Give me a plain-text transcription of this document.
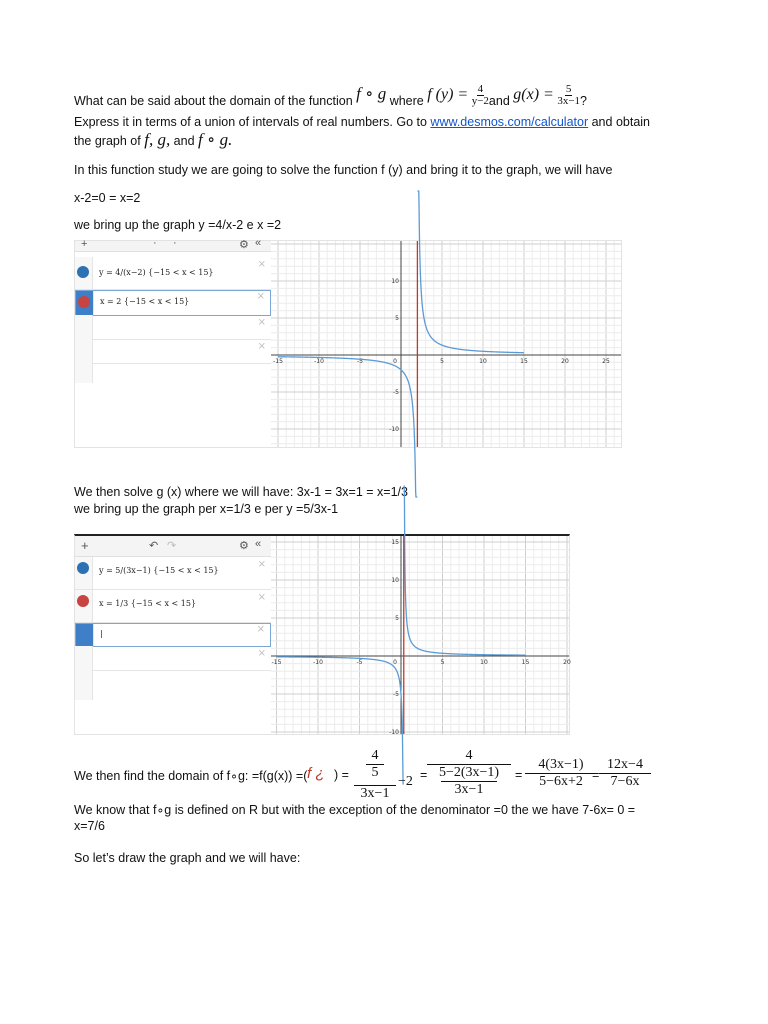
What can be said about the domain of the function f ∘ g where f $(y) = \frac{4}{y-2}$ and $g(x) = \frac{5}{3x-1}$ ?
Express it in terms of a union of intervals of real numbers. Go to www.desmos.com/calculator and obtain
the graph of f, g, and f ∘ g.
In this function study we are going to solve the function f (y) and bring it to the graph, we will have
x-2=0 = x=2
we bring up the graph y =4/x-2 e x =2
+	· ·	⚙ «
y = 4/(x−2) {−15 < x < 15}
×
x = 2 {−15 < x < 15}	×
×
×
-15	-10	-5	0	5	10	15	20	25
10
5
-5
-10
We then solve g (x) where we will have: 3x-1 = 3x=1 = x=1/3
we bring up the graph per x=1/3 e per y =5/3x-1
+	↶ ↷	⚙ «
y = 5/(3x−1) {−15 < x < 15}
×
x = 1/3 {−15 < x < 15}
×
|	×
×
-15	-10	-5	0	5	10	15	20
15
10
5
-5
-10
We then find the domain of f∘g: =f(g(x)) =( f ¿ ) =
4
5
3x−1
−2 =
4
5−2(3x−1)
3x−1
= $\frac{4(3x-1)}{5-6x+2}$
= $\frac{12x-4}{7-6x}$
We know that f∘g is defined on R but with the exception of the denominator =0 the we have 7-6x= 0 =
x=7/6
So let’s draw the graph and we will have:
